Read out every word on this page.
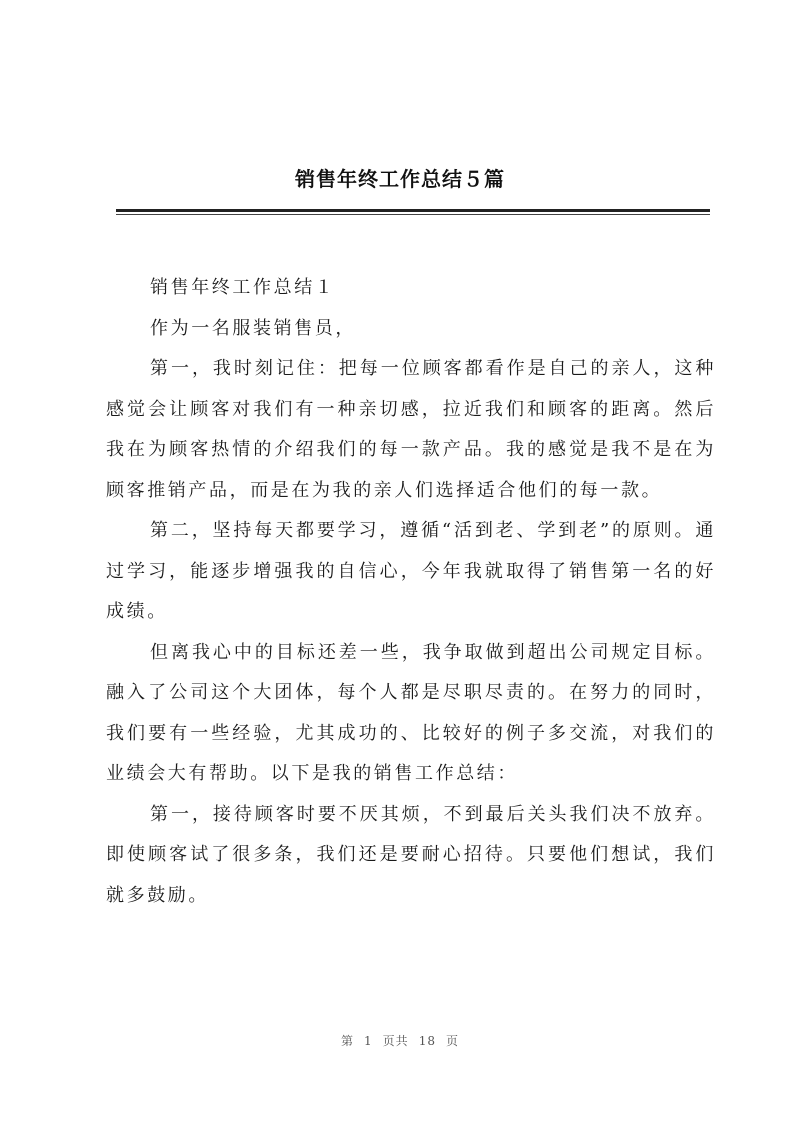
销售年终工作总结５篇

销售年终工作总结１

作为一名服装销售员，

第一，我时刻记住：把每一位顾客都看作是自己的亲人，这种感觉会让顾客对我们有一种亲切感，拉近我们和顾客的距离。然后我在为顾客热情的介绍我们的每一款产品。我的感觉是我不是在为顾客推销产品，而是在为我的亲人们选择适合他们的每一款。

第二，坚持每天都要学习，遵循“活到老、学到老”的原则。通过学习，能逐步增强我的自信心，今年我就取得了销售第一名的好成绩。

但离我心中的目标还差一些，我争取做到超出公司规定目标。融入了公司这个大团体，每个人都是尽职尽责的。在努力的同时，我们要有一些经验，尤其成功的、比较好的例子多交流，对我们的业绩会大有帮助。以下是我的销售工作总结：

第一，接待顾客时要不厌其烦，不到最后关头我们决不放弃。即使顾客试了很多条，我们还是要耐心招待。只要他们想试，我们就多鼓励。

第 1 页共 18 页
